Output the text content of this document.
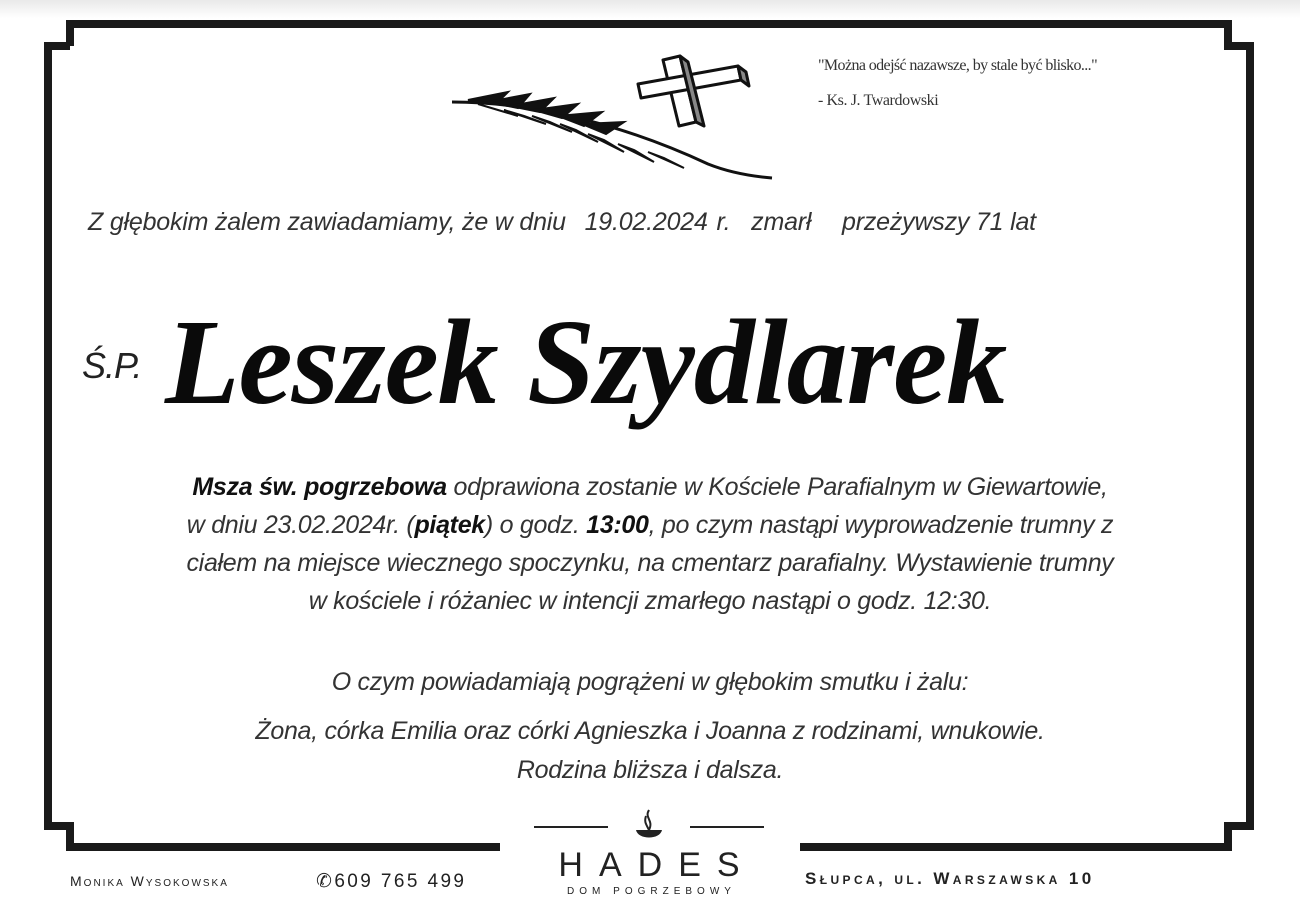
"Można odejść nazawsze, by stale być blisko..."
- Ks. J. Twardowski
Z głębokim żalem zawiadamiamy, że w dniu 19.02.2024 r. zmarł przeżywszy 71 lat
Ś.P. Leszek Szydlarek
Msza św. pogrzebowa odprawiona zostanie w Kościele Parafialnym w Giewartowie,
w dniu 23.02.2024r. (piątek) o godz. 13:00, po czym nastąpi wyprowadzenie trumny z
ciałem na miejsce wiecznego spoczynku, na cmentarz parafialny. Wystawienie trumny
w kościele i różaniec w intencji zmarłego nastąpi o godz. 12:30.
O czym powiadamiają pogrążeni w głębokim smutku i żalu:
Żona, córka Emilia oraz córki Agnieszka i Joanna z rodzinami, wnukowie.
Rodzina bliższa i dalsza.
Monika Wysokowska	✆609 765 499	HADES
DOM POGRZEBOWY
Słupca, ul. Warszawska 10
